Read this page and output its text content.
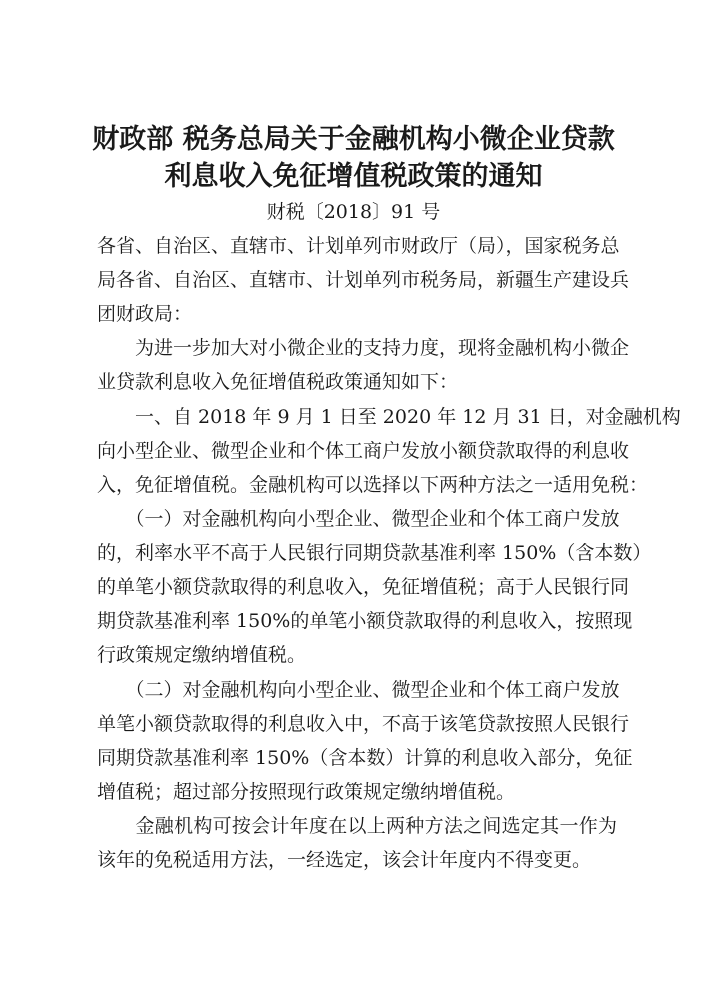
财政部 税务总局关于金融机构小微企业贷款
利息收入免征增值税政策的通知
财税〔2018〕91 号
各省、自治区、直辖市、计划单列市财政厅（局），国家税务总
局各省、自治区、直辖市、计划单列市税务局，新疆生产建设兵
团财政局：
　　为进一步加大对小微企业的支持力度，现将金融机构小微企
业贷款利息收入免征增值税政策通知如下：
　　一、自 2018 年 9 月 1 日至 2020 年 12 月 31 日，对金融机构
向小型企业、微型企业和个体工商户发放小额贷款取得的利息收
入，免征增值税。金融机构可以选择以下两种方法之一适用免税：
　　（一）对金融机构向小型企业、微型企业和个体工商户发放
的，利率水平不高于人民银行同期贷款基准利率 150%（含本数）
的单笔小额贷款取得的利息收入，免征增值税；高于人民银行同
期贷款基准利率 150%的单笔小额贷款取得的利息收入，按照现
行政策规定缴纳增值税。
　　（二）对金融机构向小型企业、微型企业和个体工商户发放
单笔小额贷款取得的利息收入中，不高于该笔贷款按照人民银行
同期贷款基准利率 150%（含本数）计算的利息收入部分，免征
增值税；超过部分按照现行政策规定缴纳增值税。
　　金融机构可按会计年度在以上两种方法之间选定其一作为
该年的免税适用方法，一经选定，该会计年度内不得变更。
